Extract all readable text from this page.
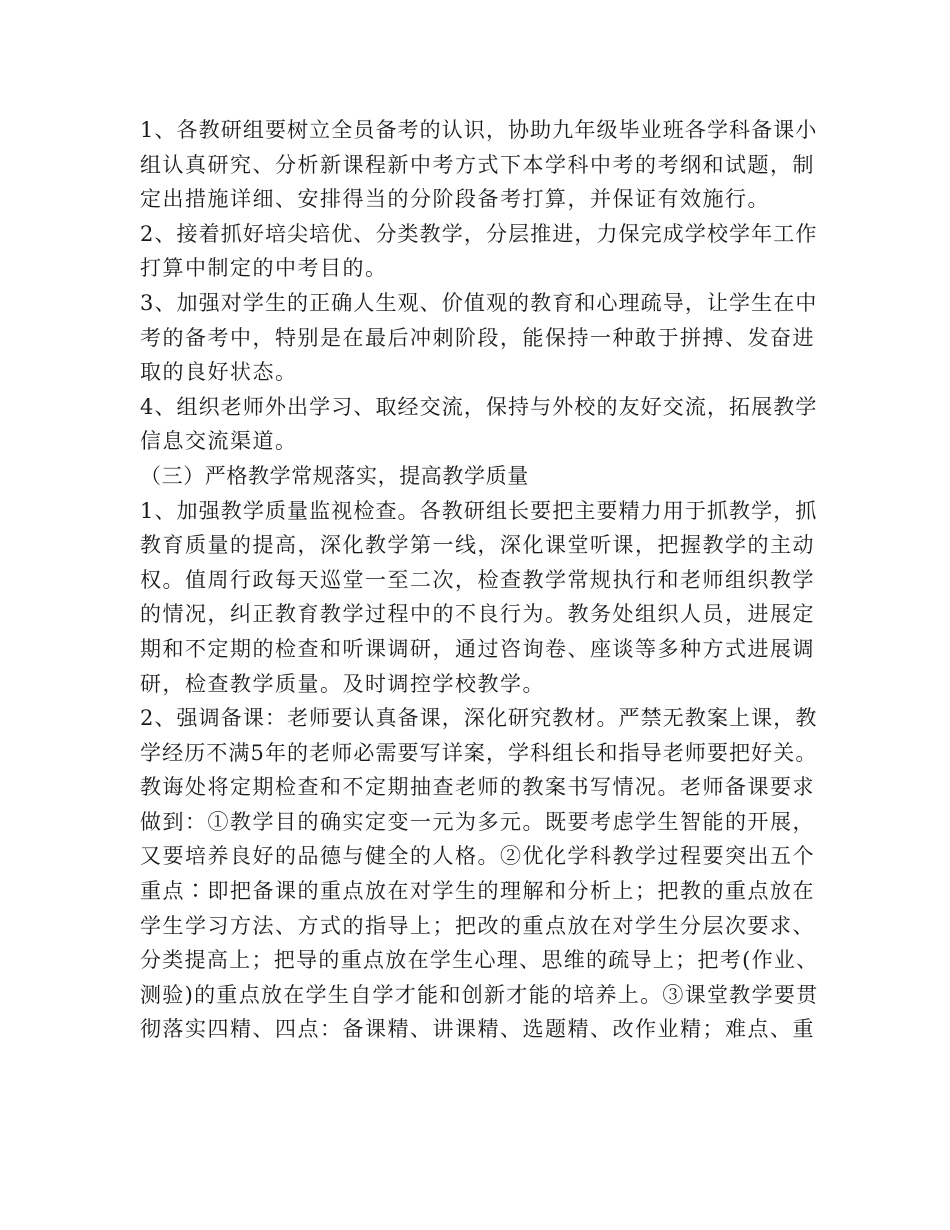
1、各教研组要树立全员备考的认识，协助九年级毕业班各学科备课小
组认真研究、分析新课程新中考方式下本学科中考的考纲和试题，制
定出措施详细、安排得当的分阶段备考打算，并保证有效施行。
2、接着抓好培尖培优、分类教学，分层推进，力保完成学校学年工作
打算中制定的中考目的。
3、加强对学生的正确人生观、价值观的教育和心理疏导，让学生在中
考的备考中，特别是在最后冲刺阶段，能保持一种敢于拼搏、发奋进
取的良好状态。
4、组织老师外出学习、取经交流，保持与外校的友好交流，拓展教学
信息交流渠道。
（三）严格教学常规落实，提高教学质量
1、加强教学质量监视检查。各教研组长要把主要精力用于抓教学，抓
教育质量的提高，深化教学第一线，深化课堂听课，把握教学的主动
权。值周行政每天巡堂一至二次，检查教学常规执行和老师组织教学
的情况，纠正教育教学过程中的不良行为。教务处组织人员，进展定
期和不定期的检查和听课调研，通过咨询卷、座谈等多种方式进展调
研，检查教学质量。及时调控学校教学。
2、强调备课：老师要认真备课，深化研究教材。严禁无教案上课，教
学经历不满5年的老师必需要写详案，学科组长和指导老师要把好关。
教诲处将定期检查和不定期抽查老师的教案书写情况。老师备课要求
做到：①教学目的确实定变一元为多元。既要考虑学生智能的开展，
又要培养良好的品德与健全的人格。②优化学科教学过程要突出五个
重点∶即把备课的重点放在对学生的理解和分析上；把教的重点放在
学生学习方法、方式的指导上；把改的重点放在对学生分层次要求、
分类提高上；把导的重点放在学生心理、思维的疏导上；把考(作业、
测验)的重点放在学生自学才能和创新才能的培养上。③课堂教学要贯
彻落实四精、四点：备课精、讲课精、选题精、改作业精；难点、重
